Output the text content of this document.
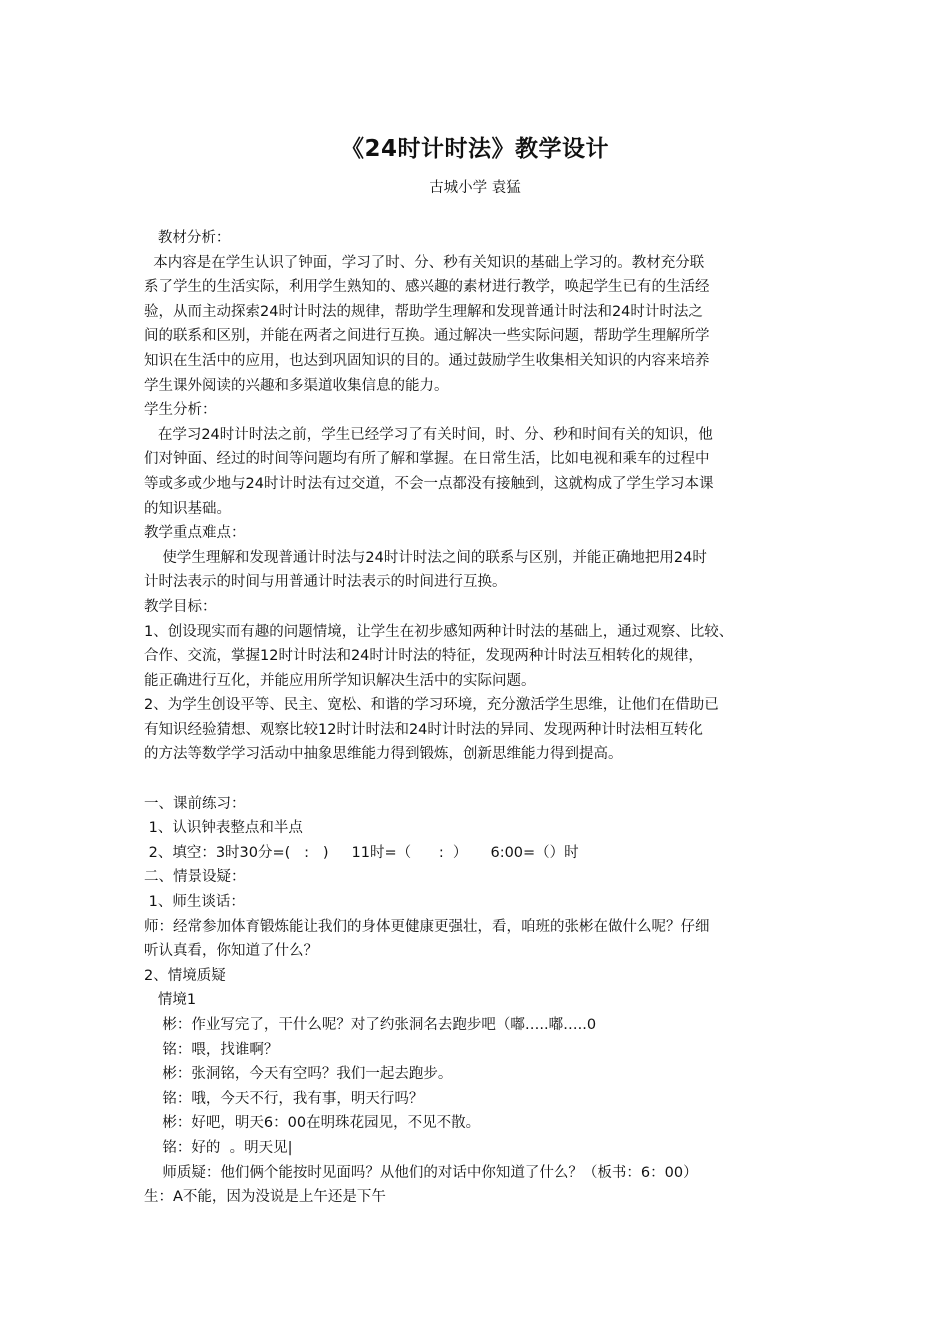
《24时计时法》教学设计
古城小学 袁猛
教材分析：
本内容是在学生认识了钟面，学习了时、分、秒有关知识的基础上学习的。教材充分联
系了学生的生活实际，利用学生熟知的、感兴趣的素材进行教学，唤起学生已有的生活经
验，从而主动探索24时计时法的规律，帮助学生理解和发现普通计时法和24时计时法之
间的联系和区别，并能在两者之间进行互换。通过解决一些实际问题，帮助学生理解所学
知识在生活中的应用，也达到巩固知识的目的。通过鼓励学生收集相关知识的内容来培养
学生课外阅读的兴趣和多渠道收集信息的能力。
学生分析：
在学习24时计时法之前，学生已经学习了有关时间，时、分、秒和时间有关的知识，他
们对钟面、经过的时间等问题均有所了解和掌握。在日常生活，比如电视和乘车的过程中
等或多或少地与24时计时法有过交道，不会一点都没有接触到，这就构成了学生学习本课
的知识基础。
教学重点难点：
使学生理解和发现普通计时法与24时计时法之间的联系与区别，并能正确地把用24时
计时法表示的时间与用普通计时法表示的时间进行互换。
教学目标：
1、创设现实而有趣的问题情境，让学生在初步感知两种计时法的基础上，通过观察、比较、
合作、交流，掌握12时计时法和24时计时法的特征，发现两种计时法互相转化的规律，
能正确进行互化，并能应用所学知识解决生活中的实际问题。
2、为学生创设平等、民主、宽松、和谐的学习环境，充分激活学生思维，让他们在借助已
有知识经验猜想、观察比较12时计时法和24时计时法的异同、发现两种计时法相互转化
的方法等数学学习活动中抽象思维能力得到锻炼，创新思维能力得到提高。
一、课前练习：
1、认识钟表整点和半点
2、填空：3时30分=(   :   )     11时=（      :  ）     6:00=（）时
二、情景设疑：
1、师生谈话：
师：经常参加体育锻炼能让我们的身体更健康更强壮，看，咱班的张彬在做什么呢？仔细
听认真看，你知道了什么？
2、情境质疑
情境1
彬：作业写完了，干什么呢？对了约张洞名去跑步吧（嘟…..嘟…..0
铭：喂，找谁啊？
彬：张洞铭，今天有空吗？我们一起去跑步。
铭：哦，今天不行，我有事，明天行吗？
彬：好吧，明天6：00在明珠花园见，不见不散。
铭：好的  。明天见|
师质疑：他们俩个能按时见面吗？从他们的对话中你知道了什么？（板书：6：00）
生：A不能，因为没说是上午还是下午
